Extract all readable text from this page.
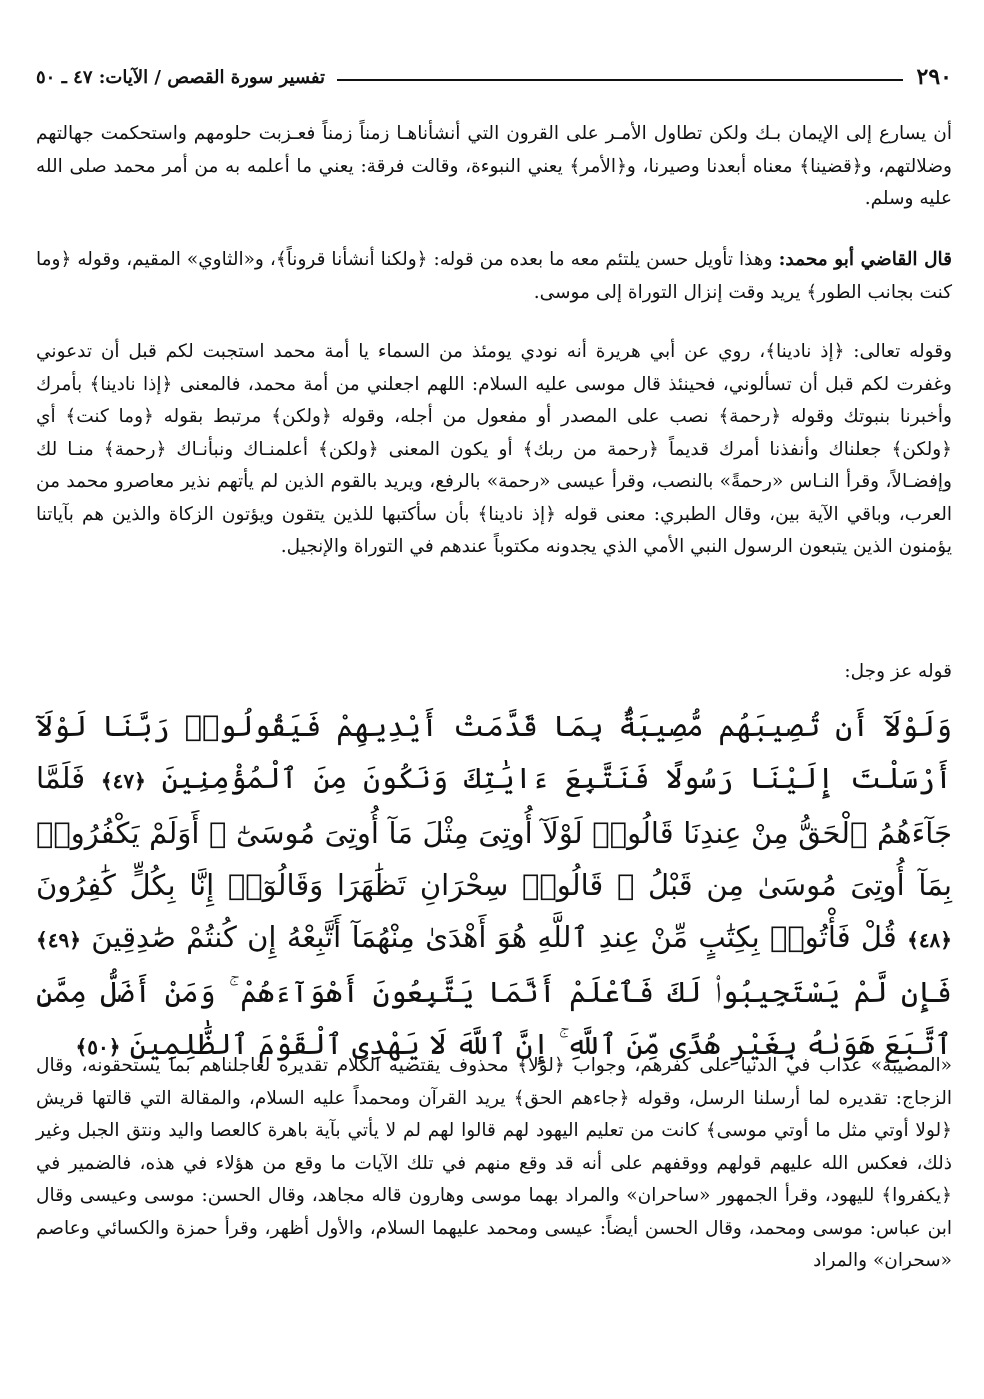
٢٩٠
تفسير سورة القصص / الآيات: ٤٧ ـ ٥٠

أن يسارع إلى الإيمان بـك ولكن تطاول الأمـر على القرون التي أنشأناهـا زمناً زمناً فعـزبت حلومهم واستحكمت جهالتهم وضلالتهم، و﴿قضينا﴾ معناه أبعدنا وصيرنا، و﴿الأمر﴾ يعني النبوءة، وقالت فرقة: يعني ما أعلمه به من أمر محمد صلى الله عليه وسلم.

قال القاضي أبو محمد: وهذا تأويل حسن يلتئم معه ما بعده من قوله: ﴿ولكنا أنشأنا قروناً﴾، و«الثاوي» المقيم، وقوله ﴿وما كنت بجانب الطور﴾ يريد وقت إنزال التوراة إلى موسى.

وقوله تعالى: ﴿إذ نادينا﴾، روي عن أبي هريرة أنه نودي يومئذ من السماء يا أمة محمد استجبت لكم قبل أن تدعوني وغفرت لكم قبل أن تسألوني، فحينئذ قال موسى عليه السلام: اللهم اجعلني من أمة محمد، فالمعنى ﴿إذا نادينا﴾ بأمرك وأخبرنا بنبوتك وقوله ﴿رحمة﴾ نصب على المصدر أو مفعول من أجله، وقوله ﴿ولكن﴾ مرتبط بقوله ﴿وما كنت﴾ أي ﴿ولكن﴾ جعلناك وأنفذنا أمرك قديماً ﴿رحمة من ربك﴾ أو يكون المعنى ﴿ولكن﴾ أعلمنـاك ونبأنـاك ﴿رحمة﴾ منـا لك وإفضـالاً، وقرأ النـاس «رحمةً» بالنصب، وقرأ عيسى «رحمة» بالرفع، ويريد بالقوم الذين لم يأتهم نذير معاصرو محمد من العرب، وباقي الآية بين، وقال الطبري: معنى قوله ﴿إذ نادينا﴾ بأن سأكتبها للذين يتقون ويؤتون الزكاة والذين هم بآياتنا يؤمنون الذين يتبعون الرسول النبي الأمي الذي يجدونه مكتوباً عندهم في التوراة والإنجيل.

قوله عز وجل:

وَلَوْلَآ أَن تُصِيبَهُم مُّصِيبَةٌۢ بِمَا قَدَّمَتْ أَيْدِيهِمْ فَيَقُولُوا۟ رَبَّنَا لَوْلَآ أَرْسَلْتَ إِلَيْنَا رَسُولًا فَنَتَّبِعَ ءَايَٰتِكَ وَنَكُونَ مِنَ ٱلْمُؤْمِنِينَ ﴿٤٧﴾ فَلَمَّا جَآءَهُمُ ٱلْحَقُّ مِنْ عِندِنَا قَالُوا۟ لَوْلَآ أُوتِىَ مِثْلَ مَآ أُوتِىَ مُوسَىٰٓ ۚ أَوَلَمْ يَكْفُرُوا۟ بِمَآ أُوتِىَ مُوسَىٰ مِن قَبْلُ ۖ قَالُوا۟ سِحْرَانِ تَظَٰهَرَا وَقَالُوٓا۟ إِنَّا بِكُلٍّ كَٰفِرُونَ ﴿٤٨﴾ قُلْ فَأْتُوا۟ بِكِتَٰبٍ مِّنْ عِندِ ٱللَّهِ هُوَ أَهْدَىٰ مِنْهُمَآ أَتَّبِعْهُ إِن كُنتُمْ صَٰدِقِينَ ﴿٤٩﴾ فَإِن لَّمْ يَسْتَجِيبُوا۟ لَكَ فَٱعْلَمْ أَنَّمَا يَتَّبِعُونَ أَهْوَآءَهُمْ ۚ وَمَنْ أَضَلُّ مِمَّنِ ٱتَّبَعَ هَوَىٰهُ بِغَيْرِ هُدًى مِّنَ ٱللَّهِ ۚ إِنَّ ٱللَّهَ لَا يَهْدِى ٱلْقَوْمَ ٱلظَّٰلِمِينَ ﴿٥٠﴾

«المصيبة» عذاب في الدنيا على كفرهم، وجواب ﴿لولا﴾ محذوف يقتضيه الكلام تقديره لعاجلناهم بما يستحقونه، وقال الزجاج: تقديره لما أرسلنا الرسل، وقوله ﴿جاءهم الحق﴾ يريد القرآن ومحمداً عليه السلام، والمقالة التي قالتها قريش ﴿لولا أوتي مثل ما أوتي موسى﴾ كانت من تعليم اليهود لهم قالوا لهم لم لا يأتي بآية باهرة كالعصا واليد ونتق الجبل وغير ذلك، فعكس الله عليهم قولهم ووقفهم على أنه قد وقع منهم في تلك الآيات ما وقع من هؤلاء في هذه، فالضمير في ﴿يكفروا﴾ لليهود، وقرأ الجمهور «ساحران» والمراد بهما موسى وهارون قاله مجاهد، وقال الحسن: موسى وعيسى وقال ابن عباس: موسى ومحمد، وقال الحسن أيضاً: عيسى ومحمد عليهما السلام، والأول أظهر، وقرأ حمزة والكسائي وعاصم «سحران» والمراد
